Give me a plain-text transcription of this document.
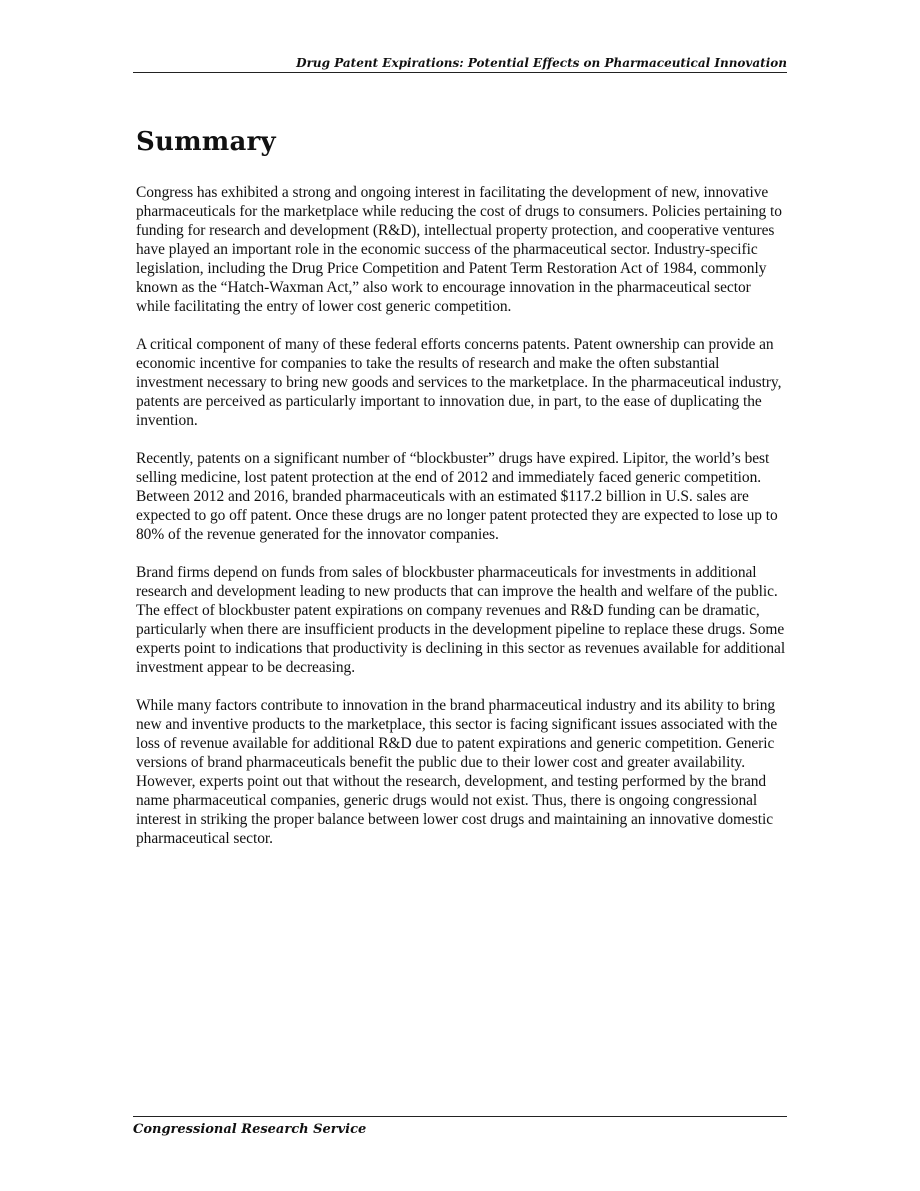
Drug Patent Expirations: Potential Effects on Pharmaceutical Innovation
Summary

Congress has exhibited a strong and ongoing interest in facilitating the development of new, innovative pharmaceuticals for the marketplace while reducing the cost of drugs to consumers. Policies pertaining to funding for research and development (R&D), intellectual property protection, and cooperative ventures have played an important role in the economic success of the pharmaceutical sector. Industry-specific legislation, including the Drug Price Competition and Patent Term Restoration Act of 1984, commonly known as the “Hatch-Waxman Act,” also work to encourage innovation in the pharmaceutical sector while facilitating the entry of lower cost generic competition.

A critical component of many of these federal efforts concerns patents. Patent ownership can provide an economic incentive for companies to take the results of research and make the often substantial investment necessary to bring new goods and services to the marketplace. In the pharmaceutical industry, patents are perceived as particularly important to innovation due, in part, to the ease of duplicating the invention.

Recently, patents on a significant number of “blockbuster” drugs have expired. Lipitor, the world’s best selling medicine, lost patent protection at the end of 2012 and immediately faced generic competition. Between 2012 and 2016, branded pharmaceuticals with an estimated $117.2 billion in U.S. sales are expected to go off patent. Once these drugs are no longer patent protected they are expected to lose up to 80% of the revenue generated for the innovator companies.

Brand firms depend on funds from sales of blockbuster pharmaceuticals for investments in additional research and development leading to new products that can improve the health and welfare of the public. The effect of blockbuster patent expirations on company revenues and R&D funding can be dramatic, particularly when there are insufficient products in the development pipeline to replace these drugs. Some experts point to indications that productivity is declining in this sector as revenues available for additional investment appear to be decreasing.

While many factors contribute to innovation in the brand pharmaceutical industry and its ability to bring new and inventive products to the marketplace, this sector is facing significant issues associated with the loss of revenue available for additional R&D due to patent expirations and generic competition. Generic versions of brand pharmaceuticals benefit the public due to their lower cost and greater availability. However, experts point out that without the research, development, and testing performed by the brand name pharmaceutical companies, generic drugs would not exist. Thus, there is ongoing congressional interest in striking the proper balance between lower cost drugs and maintaining an innovative domestic pharmaceutical sector.

Congressional Research Service
